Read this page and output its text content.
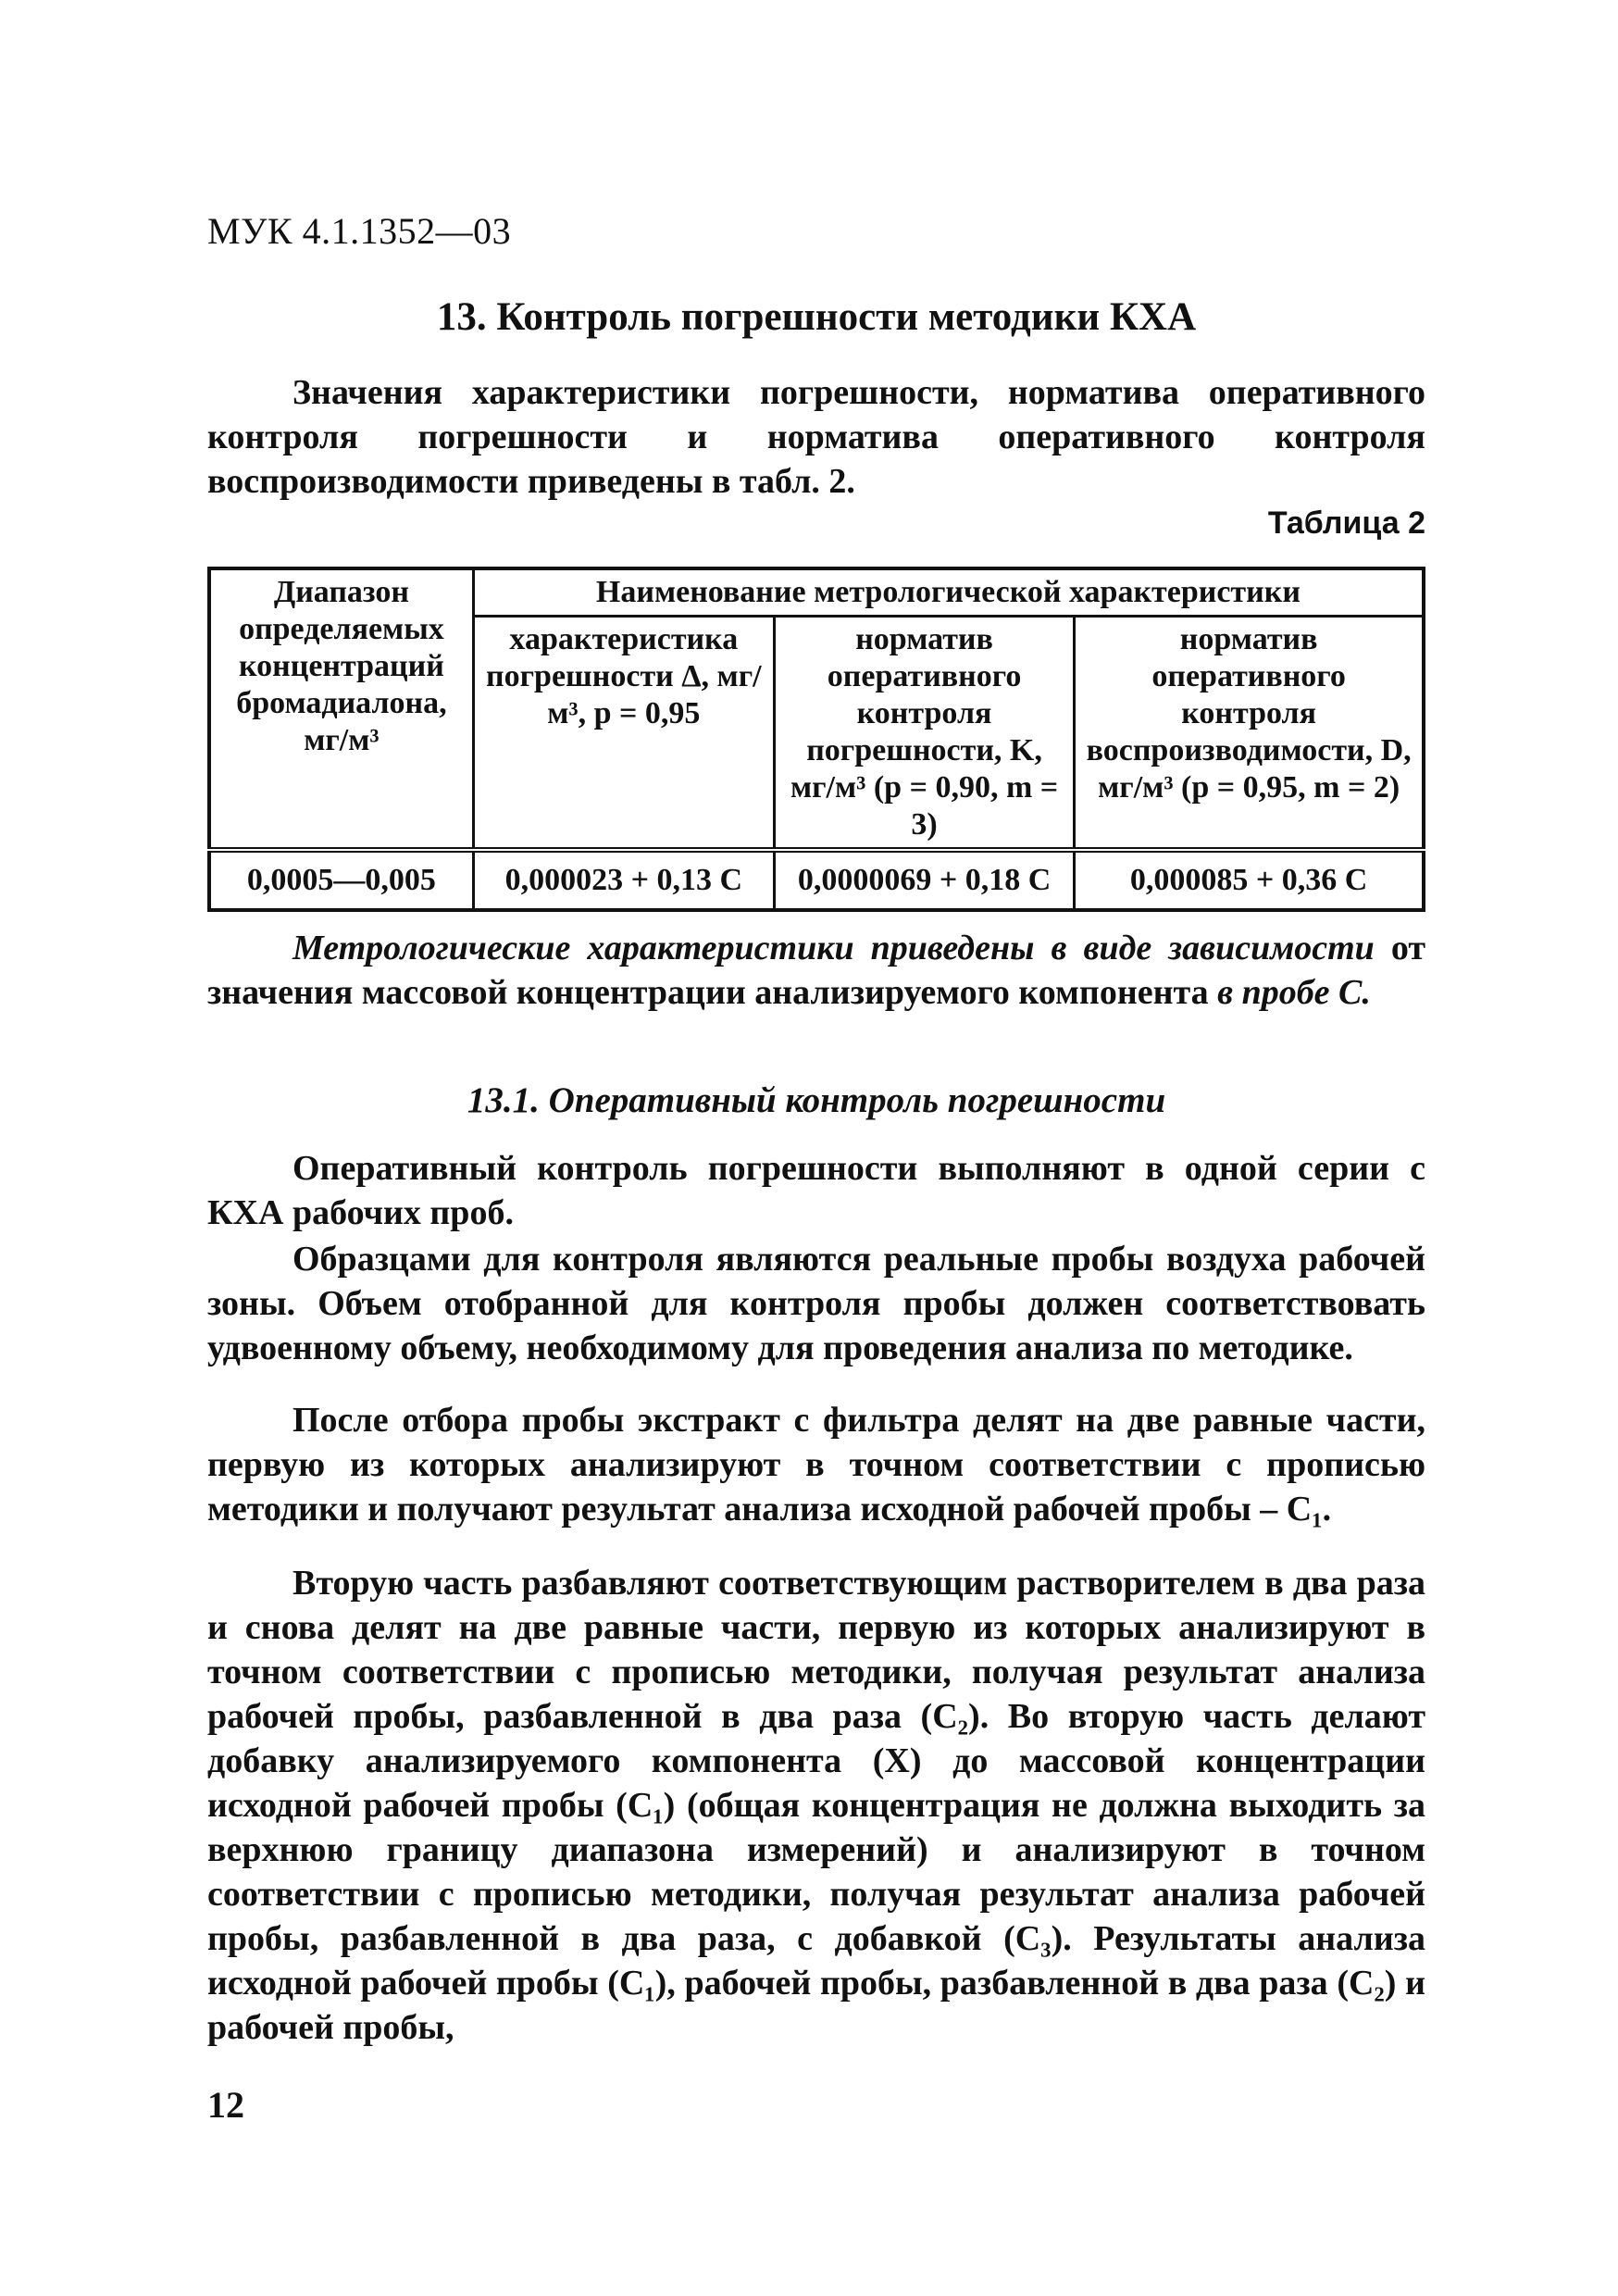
МУК 4.1.1352—03
13. Контроль погрешности методики КХА
Значения характеристики погрешности, норматива оперативного контроля погрешности и норматива оперативного контроля воспроизводимости приведены в табл. 2.
Таблица 2
Диапазон определяемых концентраций бромадиалона, мг/м³	Наименование метрологической характеристики		
	характеристика погрешности Δ, мг/м³, р = 0,95	норматив оперативного контроля погрешности, K, мг/м³ (р = 0,90, m = 3)	норматив оперативного контроля воспроизводимости, D, мг/м³ (р = 0,95, m = 2)
0,0005—0,005	0,000023 + 0,13 C	0,0000069 + 0,18 C	0,000085 + 0,36 C
Метрологические характеристики приведены в виде зависимости от значения массовой концентрации анализируемого компонента в пробе С.
13.1. Оперативный контроль погрешности
Оперативный контроль погрешности выполняют в одной серии с КХА рабочих проб.
Образцами для контроля являются реальные пробы воздуха рабочей зоны. Объем отобранной для контроля пробы должен соответствовать удвоенному объему, необходимому для проведения анализа по методике.
После отбора пробы экстракт с фильтра делят на две равные части, первую из которых анализируют в точном соответствии с прописью методики и получают результат анализа исходной рабочей пробы – C₁.
Вторую часть разбавляют соответствующим растворителем в два раза и снова делят на две равные части, первую из которых анализируют в точном соответствии с прописью методики, получая результат анализа рабочей пробы, разбавленной в два раза (C₂). Во вторую часть делают добавку анализируемого компонента (X) до массовой концентрации исходной рабочей пробы (C₁) (общая концентрация не должна выходить за верхнюю границу диапазона измерений) и анализируют в точном соответствии с прописью методики, получая результат анализа рабочей пробы, разбавленной в два раза, с добавкой (C₃). Результаты анализа исходной рабочей пробы (C₁), рабочей пробы, разбавленной в два раза (C₂) и рабочей пробы,
12
